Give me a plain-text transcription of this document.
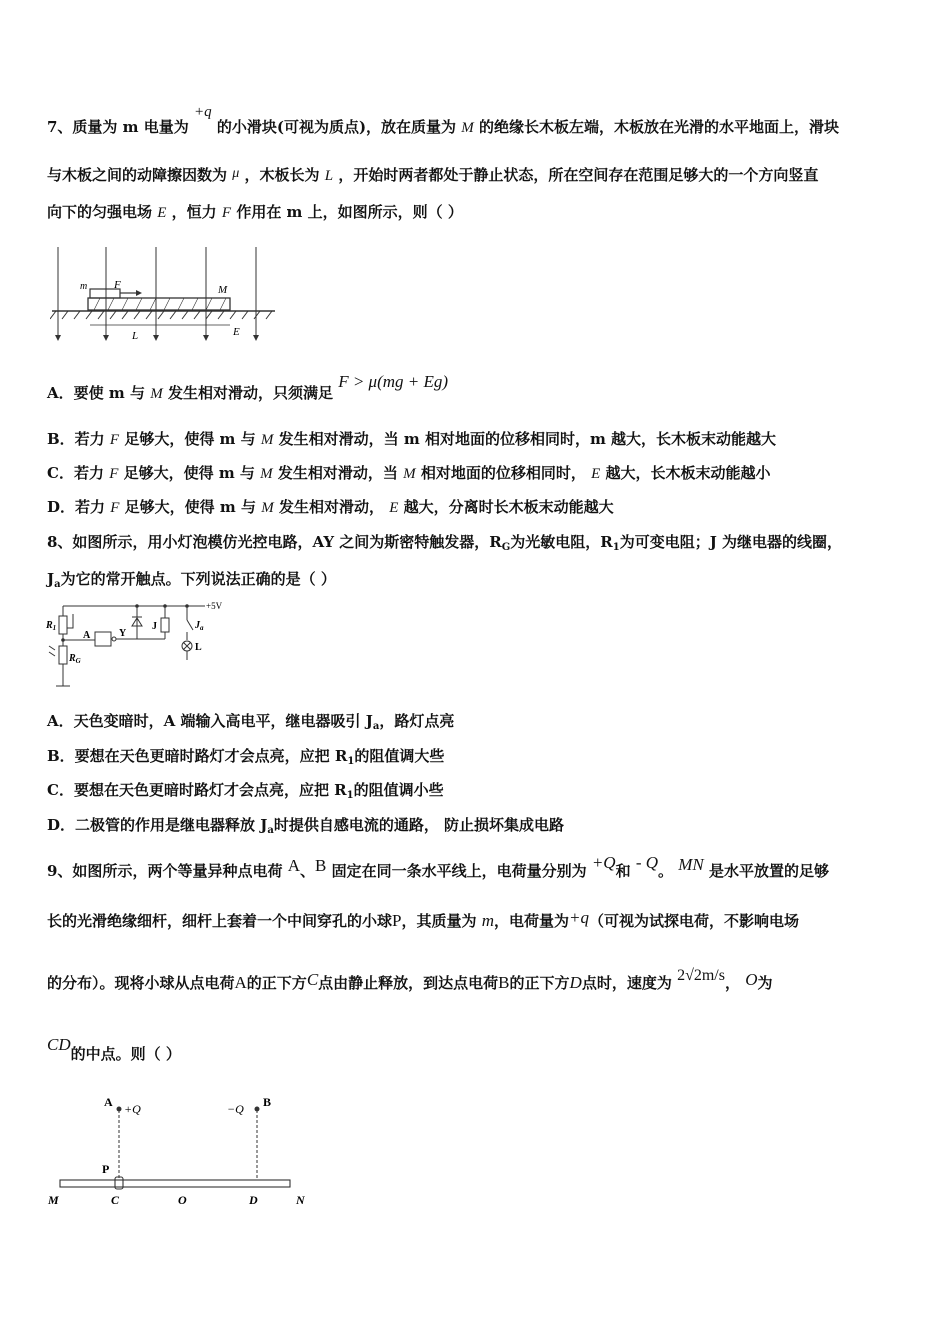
7、质量为 m 电量为 +q 的小滑块(可视为质点)，放在质量为 M 的绝缘长木板左端，木板放在光滑的水平地面上，滑块
与木板之间的动障擦因数为 μ ，木板长为 L ，开始时两者都处于静止状态，所在空间存在范围足够大的一个方向竖直
向下的匀强电场 E ，恒力 F 作用在 m 上，如图所示，则（ ）
m F	M
L	E
A．要使 m 与 M 发生相对滑动，只须满足 F > μ(mg + Eg)
B．若力 F 足够大，使得 m 与 M 发生相对滑动，当 m 相对地面的位移相同时，m 越大，长木板末动能越大
C．若力 F 足够大，使得 m 与 M 发生相对滑动，当 M 相对地面的位移相同时， E 越大，长木板末动能越小
D．若力 F 足够大，使得 m 与 M 发生相对滑动， E 越大，分离时长木板末动能越大
8、如图所示，用小灯泡模仿光控电路，AY 之间为斯密特触发器，$R_G$为光敏电阻，$R_1$为可变电阻；J 为继电器的线圈，
$J_a$为它的常开触点。下列说法正确的是（ ）
+5V
$R_1$
$R_G$
A	Y
J	$J_a$
L
A．天色变暗时，A 端输入高电平，继电器吸引 $J_a$，路灯点亮
B．要想在天色更暗时路灯才会点亮，应把 $R_1$的阻值调大些
C．要想在天色更暗时路灯才会点亮，应把 $R_1$的阻值调小些
D．二极管的作用是继电器释放 $J_a$时提供自感电流的通路， 防止损坏集成电路
9、如图所示，两个等量异种点电荷 A、B 固定在同一条水平线上，电荷量分别为 +Q和 - Q。 MN 是水平放置的足够
长的光滑绝缘细杆，细杆上套着一个中间穿孔的小球P，其质量为 m，电荷量为+q（可视为试探电荷，不影响电场
的分布）。现将小球从点电荷A的正下方C点由静止释放，到达点电荷B的正下方D点时，速度为 2√2m/s， O为
CD的中点。则（ ）
A +Q	−Q B
P
M	C	O	D	N
